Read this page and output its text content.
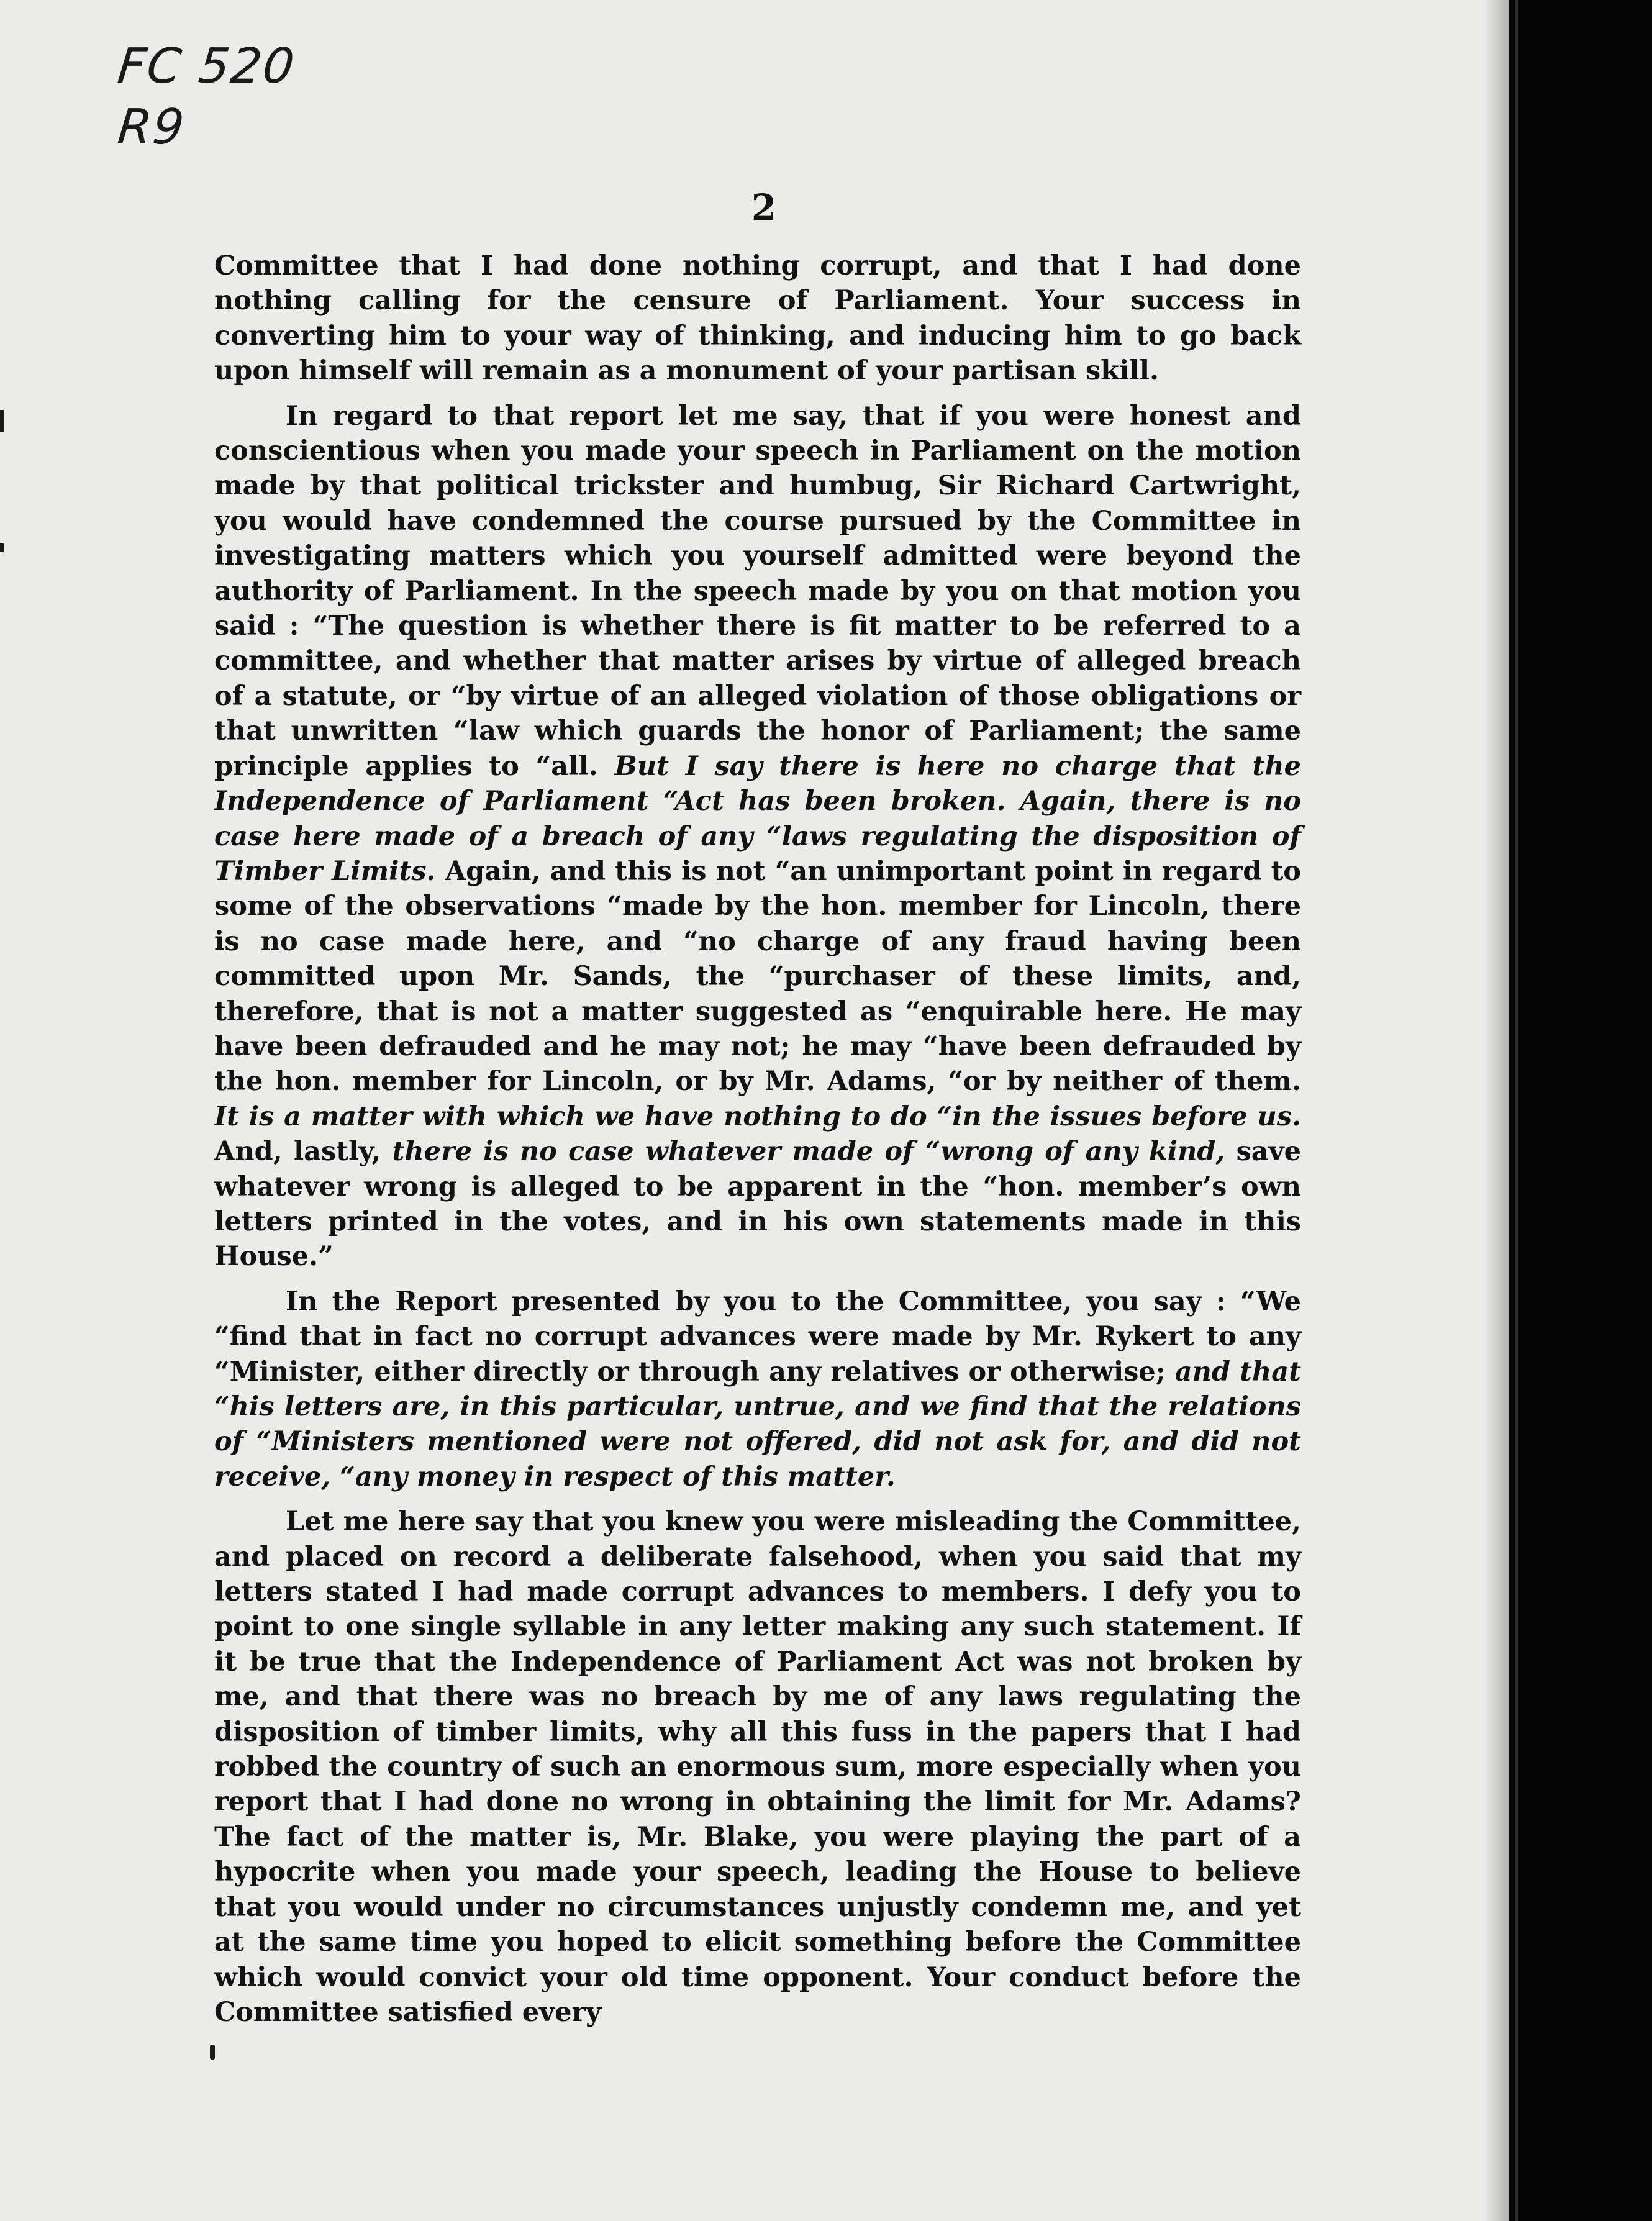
FC 520
R9
2

Committee that I had done nothing corrupt, and that I had done nothing calling for the censure of Parliament. Your success in converting him to your way of thinking, and inducing him to go back upon himself will remain as a monument of your partisan skill.

In regard to that report let me say, that if you were honest and conscientious when you made your speech in Parliament on the motion made by that political trickster and humbug, Sir Richard Cartwright, you would have condemned the course pursued by the Committee in investigating matters which you yourself admitted were beyond the authority of Parliament. In the speech made by you on that motion you said : “The question is whether there is fit matter to be referred to a committee, and whether that matter arises by virtue of alleged breach of a statute, or “by virtue of an alleged violation of those obligations or that unwritten “law which guards the honor of Parliament; the same principle applies to “all. But I say there is here no charge that the Independence of Parliament “Act has been broken. Again, there is no case here made of a breach of any “laws regulating the disposition of Timber Limits. Again, and this is not “an unimportant point in regard to some of the observations “made by the hon. member for Lincoln, there is no case made here, and “no charge of any fraud having been committed upon Mr. Sands, the “purchaser of these limits, and, therefore, that is not a matter suggested as “enquirable here. He may have been defrauded and he may not; he may “have been defrauded by the hon. member for Lincoln, or by Mr. Adams, “or by neither of them. It is a matter with which we have nothing to do “in the issues before us. And, lastly, there is no case whatever made of “wrong of any kind, save whatever wrong is alleged to be apparent in the “hon. member’s own letters printed in the votes, and in his own statements made in this House.”

In the Report presented by you to the Committee, you say : “We “find that in fact no corrupt advances were made by Mr. Rykert to any “Minister, either directly or through any relatives or otherwise; and that “his letters are, in this particular, untrue, and we find that the relations of “Ministers mentioned were not offered, did not ask for, and did not receive, “any money in respect of this matter.

Let me here say that you knew you were misleading the Committee, and placed on record a deliberate falsehood, when you said that my letters stated I had made corrupt advances to members. I defy you to point to one single syllable in any letter making any such statement. If it be true that the Independence of Parliament Act was not broken by me, and that there was no breach by me of any laws regulating the disposition of timber limits, why all this fuss in the papers that I had robbed the country of such an enormous sum, more especially when you report that I had done no wrong in obtaining the limit for Mr. Adams? The fact of the matter is, Mr. Blake, you were playing the part of a hypocrite when you made your speech, leading the House to believe that you would under no circumstances unjustly condemn me, and yet at the same time you hoped to elicit something before the Committee which would convict your old time opponent. Your conduct before the Committee satisfied every
